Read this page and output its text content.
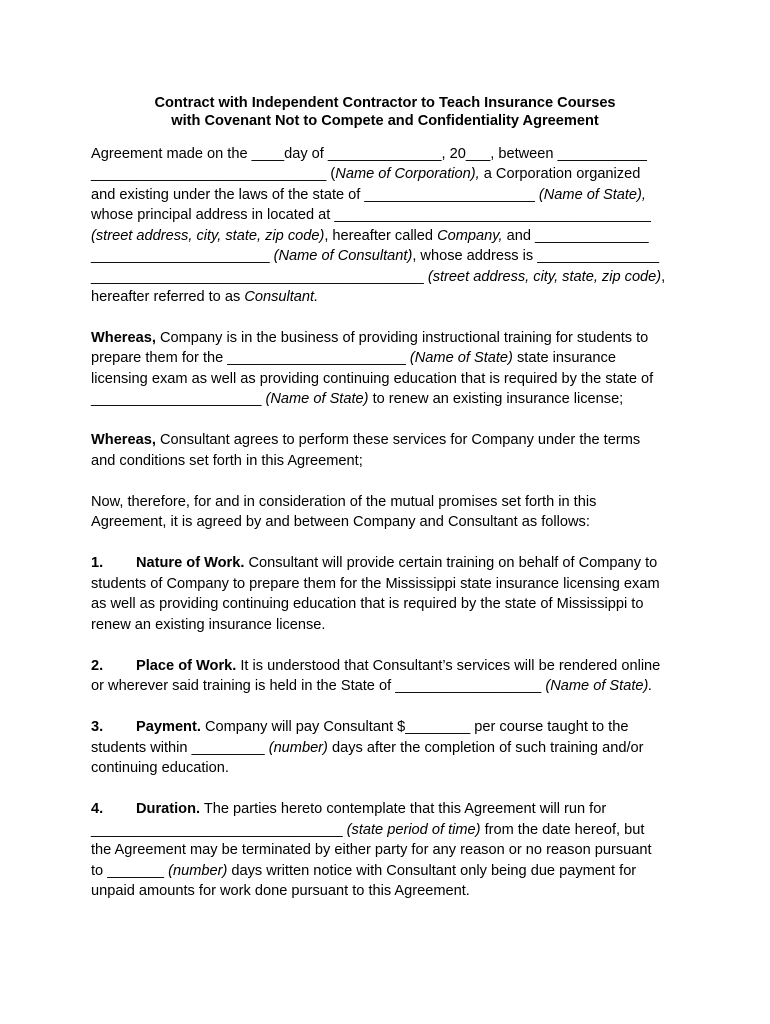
Contract with Independent Contractor to Teach Insurance Courses
with Covenant Not to Compete and Confidentiality Agreement
Agreement made on the ____day of ______________, 20___, between ___________
_____________________________ (Name of Corporation), a Corporation organized
and existing under the laws of the state of _____________________ (Name of State),
whose principal address in located at _______________________________________
(street address, city, state, zip code), hereafter called Company, and ______________
______________________ (Name of Consultant), whose address is _______________
_________________________________________ (street address, city, state, zip code),
hereafter referred to as Consultant.
Whereas, Company is in the business of providing instructional training for students to
prepare them for the ______________________ (Name of State) state insurance
licensing exam as well as providing continuing education that is required by the state of
_____________________ (Name of State) to renew an existing insurance license;
Whereas, Consultant agrees to perform these services for Company under the terms
and conditions set forth in this Agreement;
Now, therefore, for and in consideration of the mutual promises set forth in this
Agreement, it is agreed by and between Company and Consultant as follows:
1. Nature of Work. Consultant will provide certain training on behalf of Company to
students of Company to prepare them for the Mississippi state insurance licensing exam
as well as providing continuing education that is required by the state of Mississippi to
renew an existing insurance license.
2. Place of Work. It is understood that Consultant’s services will be rendered online
or wherever said training is held in the State of __________________ (Name of State).
3. Payment. Company will pay Consultant $________ per course taught to the
students within _________ (number) days after the completion of such training and/or
continuing education.
4. Duration. The parties hereto contemplate that this Agreement will run for
_______________________________ (state period of time) from the date hereof, but
the Agreement may be terminated by either party for any reason or no reason pursuant
to _______ (number) days written notice with Consultant only being due payment for
unpaid amounts for work done pursuant to this Agreement.
